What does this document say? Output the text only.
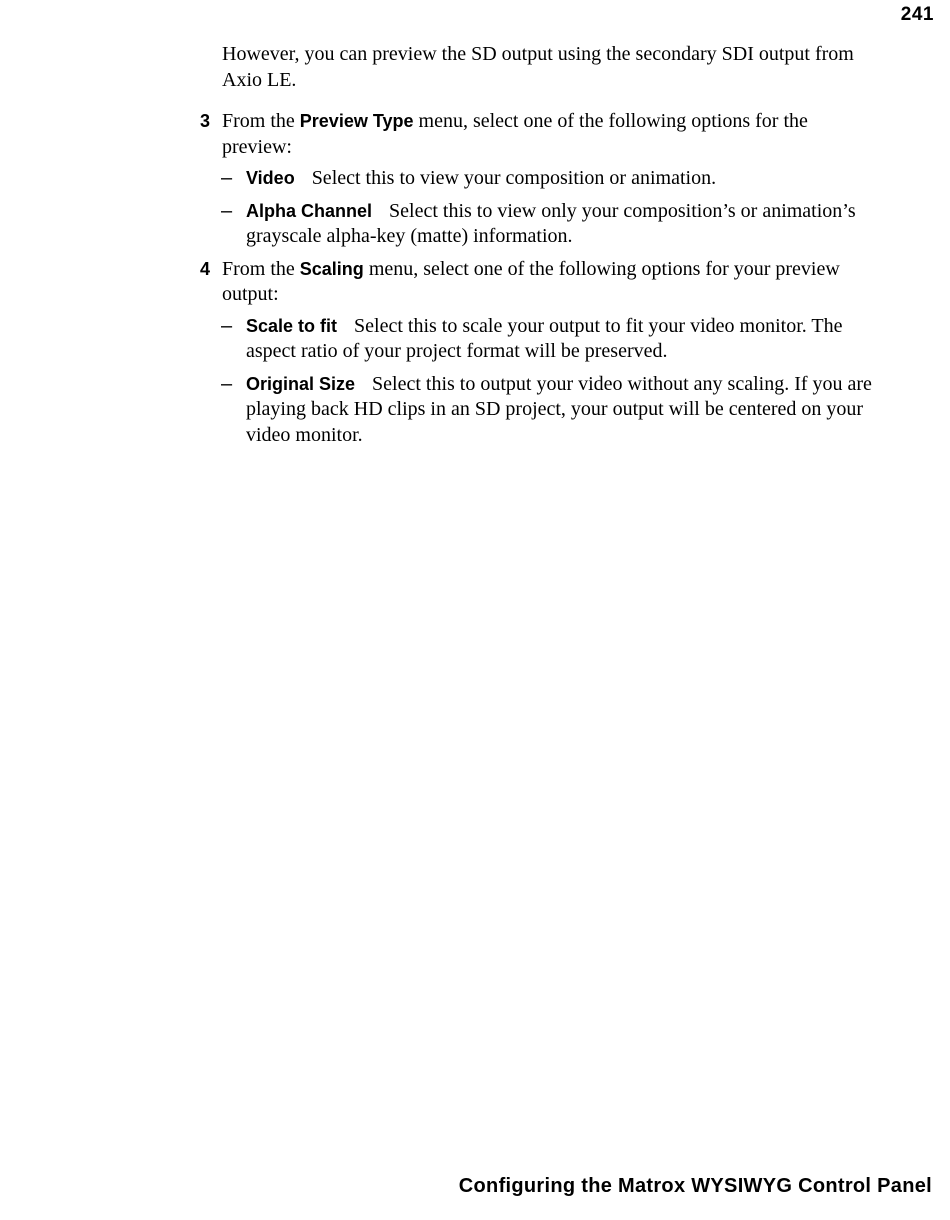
241

However, you can preview the SD output using the secondary SDI output from Axio LE.

3 From the Preview Type menu, select one of the following options for the preview:
– Video Select this to view your composition or animation.
– Alpha Channel Select this to view only your composition’s or animation’s grayscale alpha-key (matte) information.
4 From the Scaling menu, select one of the following options for your preview output:
– Scale to fit Select this to scale your output to fit your video monitor. The aspect ratio of your project format will be preserved.
– Original Size Select this to output your video without any scaling. If you are playing back HD clips in an SD project, your output will be centered on your video monitor.
Configuring the Matrox WYSIWYG Control Panel
